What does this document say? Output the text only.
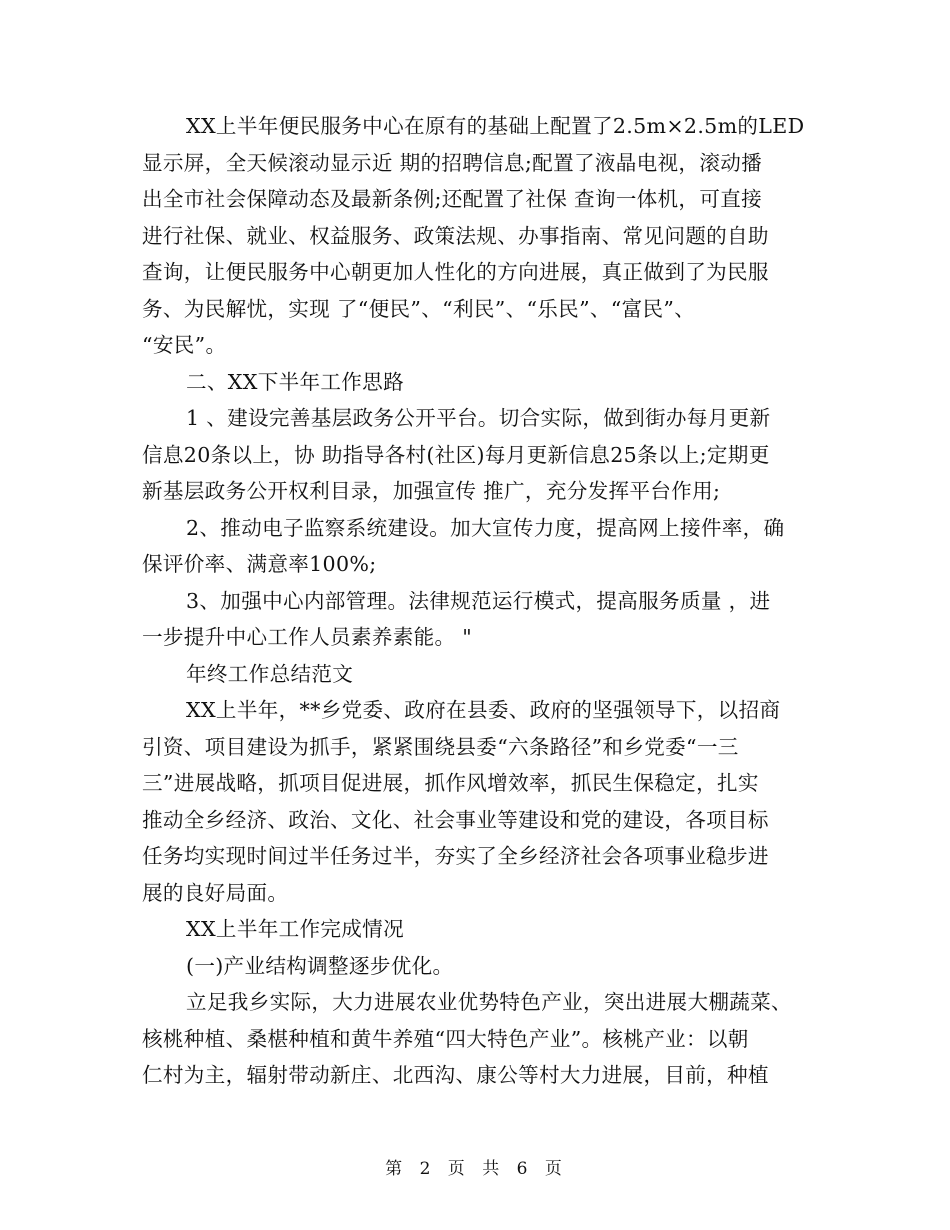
XX上半年便民服务中心在原有的基础上配置了2.5m×2.5m的LED

显示屏，全天候滚动显示近 期的招聘信息;配置了液晶电视，滚动播

出全市社会保障动态及最新条例;还配置了社保 查询一体机，可直接

进行社保、就业、权益服务、政策法规、办事指南、常见问题的自助

查询，让便民服务中心朝更加人性化的方向进展，真正做到了为民服

务、为民解忧，实现 了“便民”、“利民”、“乐民”、“富民”、

“安民”。

二、XX下半年工作思路

1 、建设完善基层政务公开平台。切合实际，做到街办每月更新

信息20条以上，协 助指导各村(社区)每月更新信息25条以上;定期更

新基层政务公开权利目录，加强宣传 推广，充分发挥平台作用;

2、推动电子监察系统建设。加大宣传力度，提高网上接件率，确

保评价率、满意率100%;

3、加强中心内部管理。法律规范运行模式，提高服务质量 ，进

一步提升中心工作人员素养素能。 "

年终工作总结范文

XX上半年，**乡党委、政府在县委、政府的坚强领导下，以招商

引资、项目建设为抓手，紧紧围绕县委“六条路径”和乡党委“一三

三”进展战略，抓项目促进展，抓作风增效率，抓民生保稳定，扎实

推动全乡经济、政治、文化、社会事业等建设和党的建设，各项目标

任务均实现时间过半任务过半，夯实了全乡经济社会各项事业稳步进

展的良好局面。

XX上半年工作完成情况

(一)产业结构调整逐步优化。

立足我乡实际，大力进展农业优势特色产业，突出进展大棚蔬菜、

核桃种植、桑椹种植和黄牛养殖“四大特色产业”。核桃产业：以朝

仁村为主，辐射带动新庄、北西沟、康公等村大力进展，目前，种植

第 2 页 共 6 页
